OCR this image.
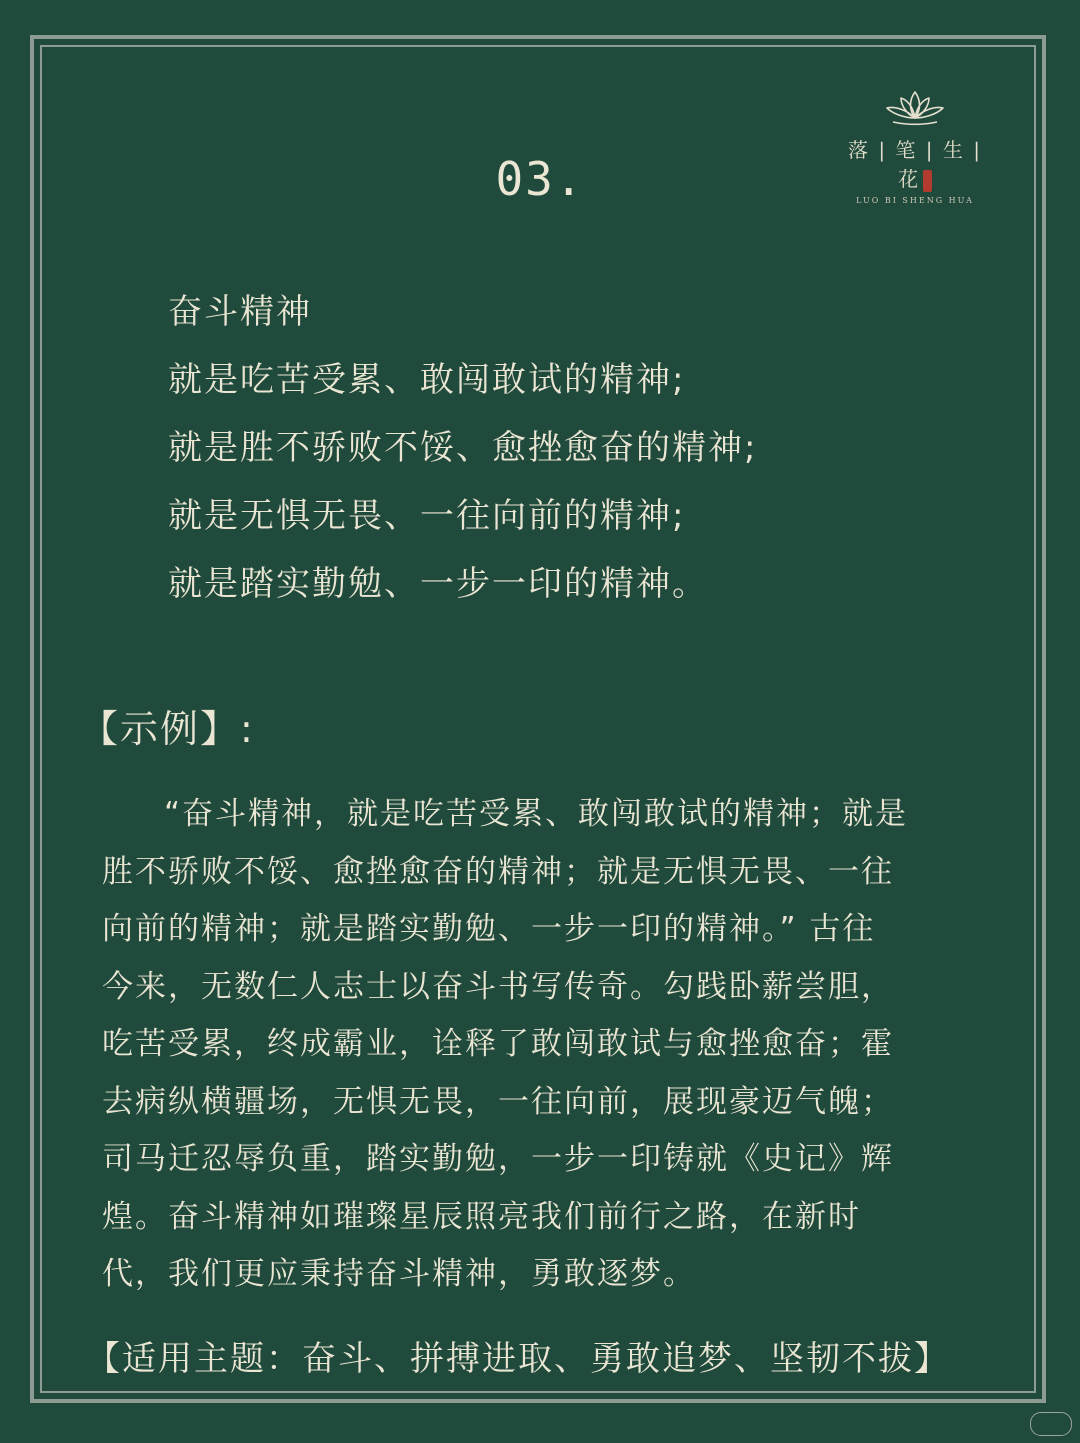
落 | 笔 | 生 | 花
LUO BI SHENG HUA
03.
奋斗精神
就是吃苦受累、敢闯敢试的精神;
就是胜不骄败不馁、愈挫愈奋的精神;
就是无惧无畏、一往向前的精神;
就是踏实勤勉、一步一印的精神。
【示例】:
“奋斗精神，就是吃苦受累、敢闯敢试的精神；就是
胜不骄败不馁、愈挫愈奋的精神；就是无惧无畏、一往
向前的精神；就是踏实勤勉、一步一印的精神。” 古往
今来，无数仁人志士以奋斗书写传奇。勾践卧薪尝胆，
吃苦受累，终成霸业，诠释了敢闯敢试与愈挫愈奋；霍
去病纵横疆场，无惧无畏，一往向前，展现豪迈气魄；
司马迁忍辱负重，踏实勤勉，一步一印铸就《史记》辉
煌。奋斗精神如璀璨星辰照亮我们前行之路，在新时
代，我们更应秉持奋斗精神，勇敢逐梦。
【适用主题：奋斗、拼搏进取、勇敢追梦、坚韧不拔】
